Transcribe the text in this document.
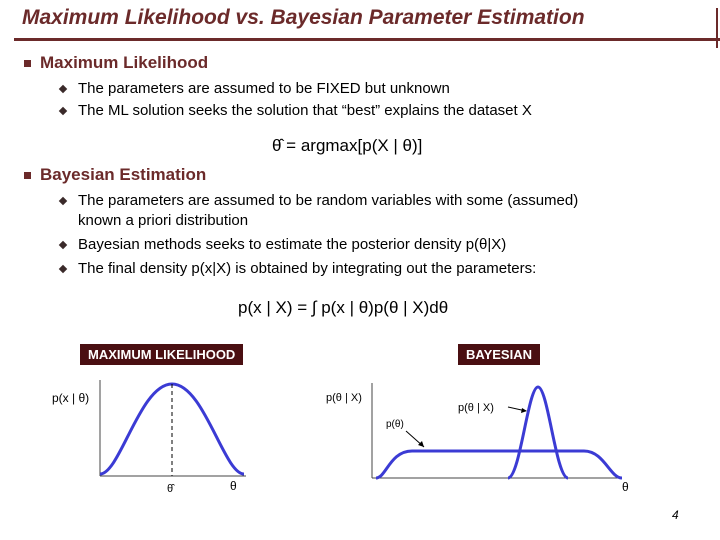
Maximum Likelihood vs. Bayesian Parameter Estimation
Maximum Likelihood
The parameters are assumed to be FIXED but unknown
The ML solution seeks the solution that “best” explains the dataset X
θ̂ = argmax[p(X | θ)]
Bayesian Estimation
The parameters are assumed to be random variables with some (assumed)
known a priori distribution
Bayesian methods seeks to estimate the posterior density p(θ|X)
The final density p(x|X) is obtained by integrating out the parameters:
p(x | X) = ∫ p(x | θ)p(θ | X)dθ
MAXIMUM LIKELIHOOD	BAYESIAN
p(x | θ)
θ̂	θ
p(θ | X)
p(θ)
p(θ | X)
θ
4
